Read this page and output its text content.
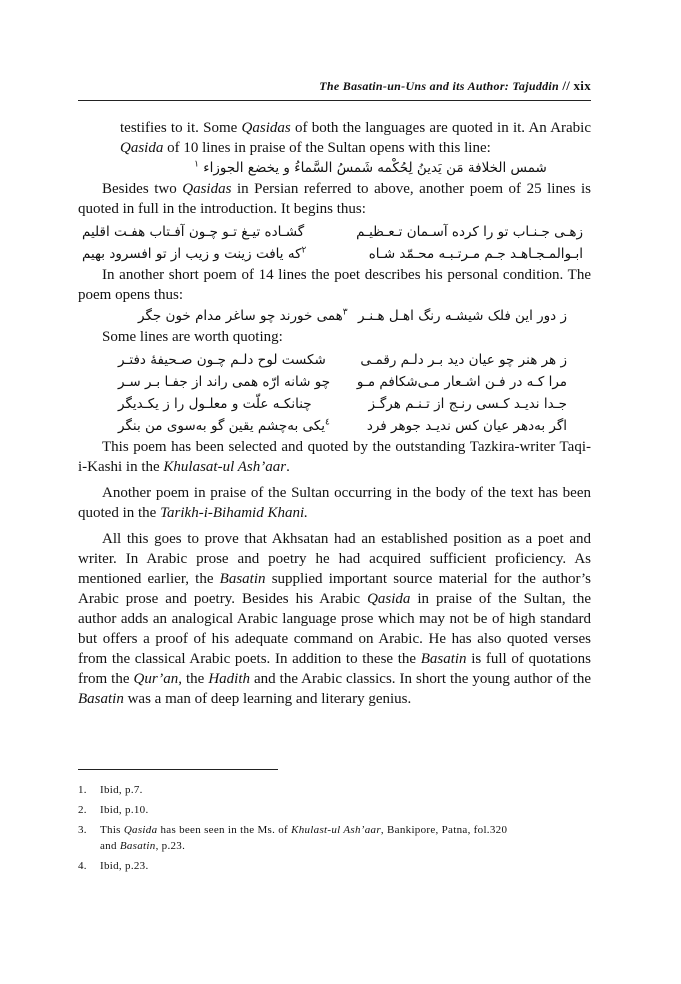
The Basatin-un-Uns and its Author: Tajuddin // xix

testifies to it. Some Qasidas of both the languages are quoted in it. An Arabic Qasida of 10 lines in praise of the Sultan opens with this line:

شمس الخلافة مَن يَدينُ لِحُكْمه شَمسُ السَّماءُ و يخضع الجوزاء $^١$

Besides two Qasidas in Persian referred to above, another poem of 25 lines is quoted in full in the introduction. It begins thus:

زهـی جـنـاب تو را کرده آسـمان تـعـظیـم
گشـاده تیـغ تـو چـون آفـتاب هفـت اقلیم
ابـوالمـجـاهـد جـم مـرتـبـه محـمّد شـاه
$^٢$که یافت زینت و زیب از تو افسرود بهیم

In another short poem of 14 lines the poet describes his personal condition. The poem opens thus:

ز دور این فلک شیشـه رنگ اهـل هـنـر
$^٣$همی خورند چو ساغر مدام خون جگر

Some lines are worth quoting:

ز هر هنر چو عیان دید بـر دلـم رقمـی
شکست لوح دلـم چـون صـحیفهٔ دفتـر
مرا کـه در فـن اشـعار مـی‌شکافم مـو
چو شانه ارّه همی راند از جفـا بـر سـر
جـدا ندیـد کـسی رنـج از تـنـم هرگـز
چنانکـه علّت و معلـول را ز یکـدیگر
اگر به‌دهر عیان کس ندیـد جوهر فرد
$^٤$یکی به‌چشم یقین گو به‌سوی من بنگر

This poem has been selected and quoted by the outstanding Tazkira-writer Taqi-i-Kashi in the Khulasat-ul Ash’aar.

Another poem in praise of the Sultan occurring in the body of the text has been quoted in the Tarikh-i-Bihamid Khani.

All this goes to prove that Akhsatan had an established position as a poet and writer. In Arabic prose and poetry he had acquired sufficient proficiency. As mentioned earlier, the Basatin supplied important source material for the author’s Arabic prose and poetry. Besides his Arabic Qasida in praise of the Sultan, the author adds an analogical Arabic language prose which may not be of high standard but offers a proof of his adequate command on Arabic. He has also quoted verses from the classical Arabic poets. In addition to these the Basatin is full of quotations from the Qur’an, the Hadith and the Arabic classics. In short the young author of the Basatin was a man of deep learning and literary genius.

1. Ibid, p.7.
2. Ibid, p.10.
3. This Qasida has been seen in the Ms. of Khulast-ul Ash’aar, Bankipore, Patna, fol.320
and Basatin, p.23.
4. Ibid, p.23.
